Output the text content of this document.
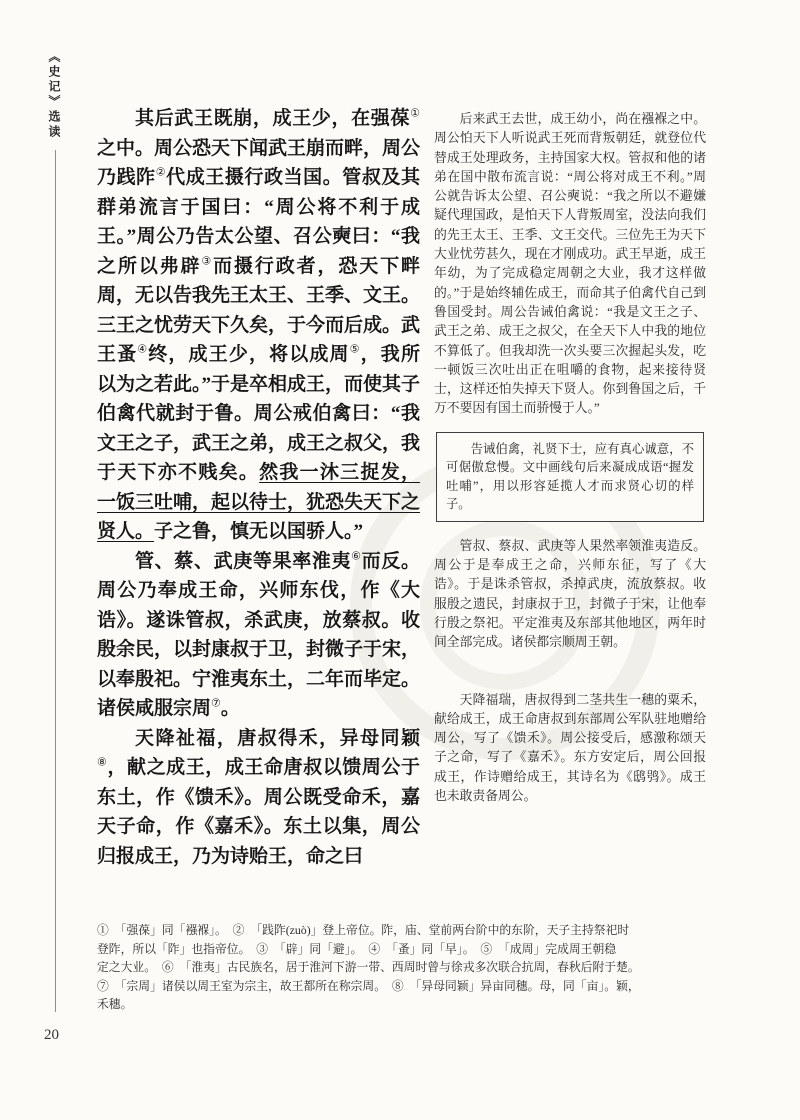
《史记》选读	其后武王既崩，成王少，在强葆①之中。周公恐天下闻武王崩而畔，周公乃践阼②代成王摄行政当国。管叔及其群弟流言于国曰：“周公将不利于成王。”周公乃告太公望、召公奭曰：“我之所以弗辟③而摄行政者，恐天下畔周，无以告我先王太王、王季、文王。三王之忧劳天下久矣，于今而后成。武王蚤④终，成王少，将以成周⑤，我所以为之若此。”于是卒相成王，而使其子伯禽代就封于鲁。周公戒伯禽曰：“我文王之子，武王之弟，成王之叔父，我于天下亦不贱矣。然我一沐三捉发，一饭三吐哺，起以待士，犹恐失天下之贤人。子之鲁，慎无以国骄人。”

管、蔡、武庚等果率淮夷⑥而反。周公乃奉成王命，兴师东伐，作《大诰》。遂诛管叔，杀武庚，放蔡叔。收殷余民，以封康叔于卫，封微子于宋，以奉殷祀。宁淮夷东土，二年而毕定。诸侯咸服宗周⑦。

天降祉福，唐叔得禾，异母同颖⑧，献之成王，成王命唐叔以馈周公于东土，作《馈禾》。周公既受命禾，嘉天子命，作《嘉禾》。东土以集，周公归报成王，乃为诗贻王，命之曰

后来武王去世，成王幼小，尚在襁褓之中。周公怕天下人听说武王死而背叛朝廷，就登位代替成王处理政务，主持国家大权。管叔和他的诸弟在国中散布流言说：“周公将对成王不利。”周公就告诉太公望、召公奭说：“我之所以不避嫌疑代理国政，是怕天下人背叛周室，没法向我们的先王太王、王季、文王交代。三位先王为天下大业忧劳甚久，现在才刚成功。武王早逝，成王年幼，为了完成稳定周朝之大业，我才这样做的。”于是始终辅佐成王，而命其子伯禽代自己到鲁国受封。周公告诫伯禽说：“我是文王之子、武王之弟、成王之叔父，在全天下人中我的地位不算低了。但我却洗一次头要三次握起头发，吃一顿饭三次吐出正在咀嚼的食物，起来接待贤士，这样还怕失掉天下贤人。你到鲁国之后，千万不要因有国土而骄慢于人。”

告诫伯禽，礼贤下士，应有真心诚意，不可倨傲怠慢。文中画线句后来凝成成语“握发吐哺”，用以形容延揽人才而求贤心切的样子。

管叔、蔡叔、武庚等人果然率领淮夷造反。周公于是奉成王之命，兴师东征，写了《大诰》。于是诛杀管叔，杀掉武庚，流放蔡叔。收服殷之遗民，封康叔于卫，封微子于宋，让他奉行殷之祭祀。平定淮夷及东部其他地区，两年时间全部完成。诸侯都宗顺周王朝。

天降福瑞，唐叔得到二茎共生一穗的粟禾，献给成王，成王命唐叔到东部周公军队驻地赠给周公，写了《馈禾》。周公接受后，感激称颂天子之命，写了《嘉禾》。东方安定后，周公回报成王，作诗赠给成王，其诗名为《鸱鸮》。成王也未敢责备周公。

①　「强葆」同「襁褓」。　②　「践阼(zuò)」登上帝位。阼，庙、堂前两台阶中的东阶，天子主持祭祀时
登阼，所以「阼」也指帝位。　③　「辟」同「避」。　④　「蚤」同「早」。　⑤　「成周」完成周王朝稳
定之大业。　⑥　「淮夷」古民族名，居于淮河下游一带、西周时曾与徐戎多次联合抗周，春秋后附于楚。
⑦　「宗周」诸侯以周王室为宗主，故王都所在称宗周。　⑧　「异母同颖」异亩同穗。母，同「亩」。颖，
禾穗。
20
